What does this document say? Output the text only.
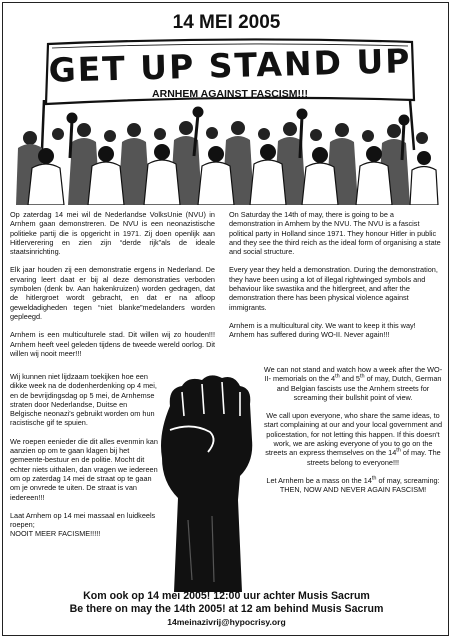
14 MEI 2005
GET UP STAND UP
ARNHEM AGAINST FASCISM!!!

Op zaterdag 14 mei wil de Nederlandse VolksUnie (NVU) in Arnhem gaan demonstreren. De NVU is een neonazistische politieke partij die is opgericht in 1971. Zij doen openlijk aan Hitlerverering en zien zijn “derde rijk”als de ideale staatsinrichting.

Elk jaar houden zij een demonstratie ergens in Nederland. De ervaring leert daat er bij al deze demonstraties verboden symbolen (denk bv. Aan hakenkruizen) worden gedragen, dat de hitlergroet wordt gebracht, en dat er na afloop geweldadigheden tegen “niet blanke”medelanders worden gepleegd.

Arnhem is een multiculturele stad. Dit willen wij zo houden!!! Arnhem heeft veel geleden tijdens de tweede wereld oorlog. Dit willen wij nooit meer!!!

Wij kunnen niet lijdzaam toekijken hoe een dikke week na de dodenherdenking op 4 mei, en de bevrijdingsdag op 5 mei, de Arnhemse straten door Nederlandse, Duitse en Belgische neonazi's gebruikt worden om hun racistische gif te spuien.

We roepen eenieder die dit alles evenmin kan aanzien op om te gaan klagen bij het gemeente-bestuur en de politie. Mocht dit echter niets uithalen, dan vragen we iedereen om op zaterdag 14 mei de straat op te gaan om je onvrede te uiten. De straat is van iedereen!!!

Laat Arnhem op 14 mei massaal en luidkeels roepen;
NOOIT MEER FACISME!!!!!

On Saturday the 14th of may, there is going to be a demonstration in Arnhem by the NVU. The NVU is a fascist political party in Holland since 1971. They honour Hitler in public and they see the third reich as the ideal form of organising a state and social structure.

Every year they held a demonstration. During the demonstration, they have been using a lot of illegal rightwinged symbols and behaviour like swastika and the hitlergreet, and after the demonstration there has been physical violence against immigrants.

Arnhem is a multicultural city. We want to keep it this way!
Arnhem has suffered during WO-II. Never again!!!

We can not stand and watch how a week after the WO-II- memorials on the 4th and 5th of may, Dutch, German and Belgian fascists use the Arnhem streets for screaming their bullshit point of view.

We call upon everyone, who share the same ideas, to start complaining at our and your local government and policestation, for not letting this happen. If this doesn't work, we are asking everyone of you to go on the streets an express themselves on the 14th of may. The streets belong to everyone!!!

Let Arnhem be a mass on the 14th of may, screaming:
THEN, NOW AND NEVER AGAIN FASCISM!

Kom ook op 14 mei 2005! 12:00 uur achter Musis Sacrum
Be there on may the 14th 2005! at 12 am behind Musis Sacrum
14meinazivrij@hypocrisy.org
